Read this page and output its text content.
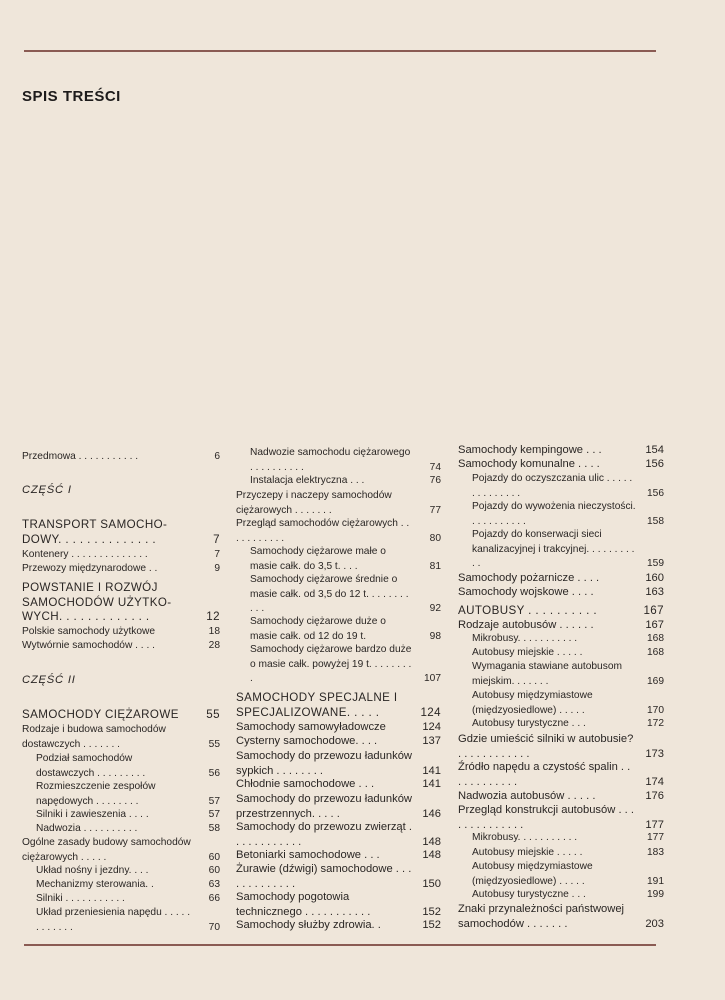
SPIS TREŚCI
Przedmowa . . . . . . . . . . .	6
CZĘŚĆ I
TRANSPORT SAMOCHO-DOWY. . . . . . . . . . . . . .	7
Kontenery . . . . . . . . . . . . . .	7
Przewozy międzynarodowe . .	9
POWSTANIE I ROZWÓJ SAMOCHODÓW UŻYTKO-WYCH. . . . . . . . . . . . .	12
Polskie samochody użytkowe	18
Wytwórnie samochodów . . . .	28
CZĘŚĆ II
SAMOCHODY CIĘŻAROWE	55
Rodzaje i budowa samochodów dostawczych . . . . . . .	55
Podział samochodów dostawczych . . . . . . . . .	56
Rozmieszczenie zespołów napędowych . . . . . . . .	57
Silniki i zawieszenia . . . .	57
Nadwozia . . . . . . . . . .	58
Ogólne zasady budowy samochodów ciężarowych . . . . .	60
Układ nośny i jezdny. . . .	60
Mechanizmy sterowania. .	63
Silniki . . . . . . . . . . .	66
Układ przeniesienia napędu . . . . . . . . . . . .	70
Nadwozie samochodu ciężarowego . . . . . . . . . .	74
Instalacja elektryczna . . .	76
Przyczepy i naczepy samochodów ciężarowych . . . . . . .	77
Przegląd samochodów ciężarowych . . . . . . . . . . .	80
Samochody ciężarowe małe o masie całk. do 3,5 t. . . .	81
Samochody ciężarowe średnie o masie całk. od 3,5 do 12 t. . . . . . . . . . .	92
Samochody ciężarowe duże o masie całk. od 12 do 19 t.	98
Samochody ciężarowe bardzo duże o masie całk. powyżej 19 t. . . . . . . . .	107
SAMOCHODY SPECJALNE I SPECJALIZOWANE. . . . .	124
Samochody samowyładowcze	124
Cysterny samochodowe. . . .	137
Samochody do przewozu ładunków sypkich . . . . . . . .	141
Chłodnie samochodowe . . .	141
Samochody do przewozu ładunków przestrzennych. . . . .	146
Samochody do przewozu zwierząt . . . . . . . . . . . .	148
Betoniarki samochodowe . . .	148
Żurawie (dźwigi) samochodowe . . . . . . . . . . . . .	150
Samochody pogotowia technicznego . . . . . . . . . . .	152
Samochody służby zdrowia. .	152
Samochody kempingowe . . .	154
Samochody komunalne . . . .	156
Pojazdy do oczyszczania ulic . . . . . . . . . . . . . .	156
Pojazdy do wywożenia nieczystości. . . . . . . . . . .	158
Pojazdy do konserwacji sieci kanalizacyjnej i trakcyjnej. . . . . . . . . . .	159
Samochody pożarnicze . . . .	160
Samochody wojskowe . . . .	163
AUTOBUSY . . . . . . . . . .	167
Rodzaje autobusów . . . . . .	167
Mikrobusy. . . . . . . . . . .	168
Autobusy miejskie . . . . .	168
Wymagania stawiane autobusom miejskim. . . . . . .	169
Autobusy międzymiastowe (międzyosiedlowe) . . . . .	170
Autobusy turystyczne . . .	172
Gdzie umieścić silniki w autobusie? . . . . . . . . . . . .	173
Źródło napędu a czystość spalin . . . . . . . . . . . .	174
Nadwozia autobusów . . . . .	176
Przegląd konstrukcji autobusów . . . . . . . . . . . . . .	177
Mikrobusy. . . . . . . . . . .	177
Autobusy miejskie . . . . .	183
Autobusy międzymiastowe (międzyosiedlowe) . . . . .	191
Autobusy turystyczne . . .	199
Znaki przynależności państwowej samochodów . . . . . . .	203
